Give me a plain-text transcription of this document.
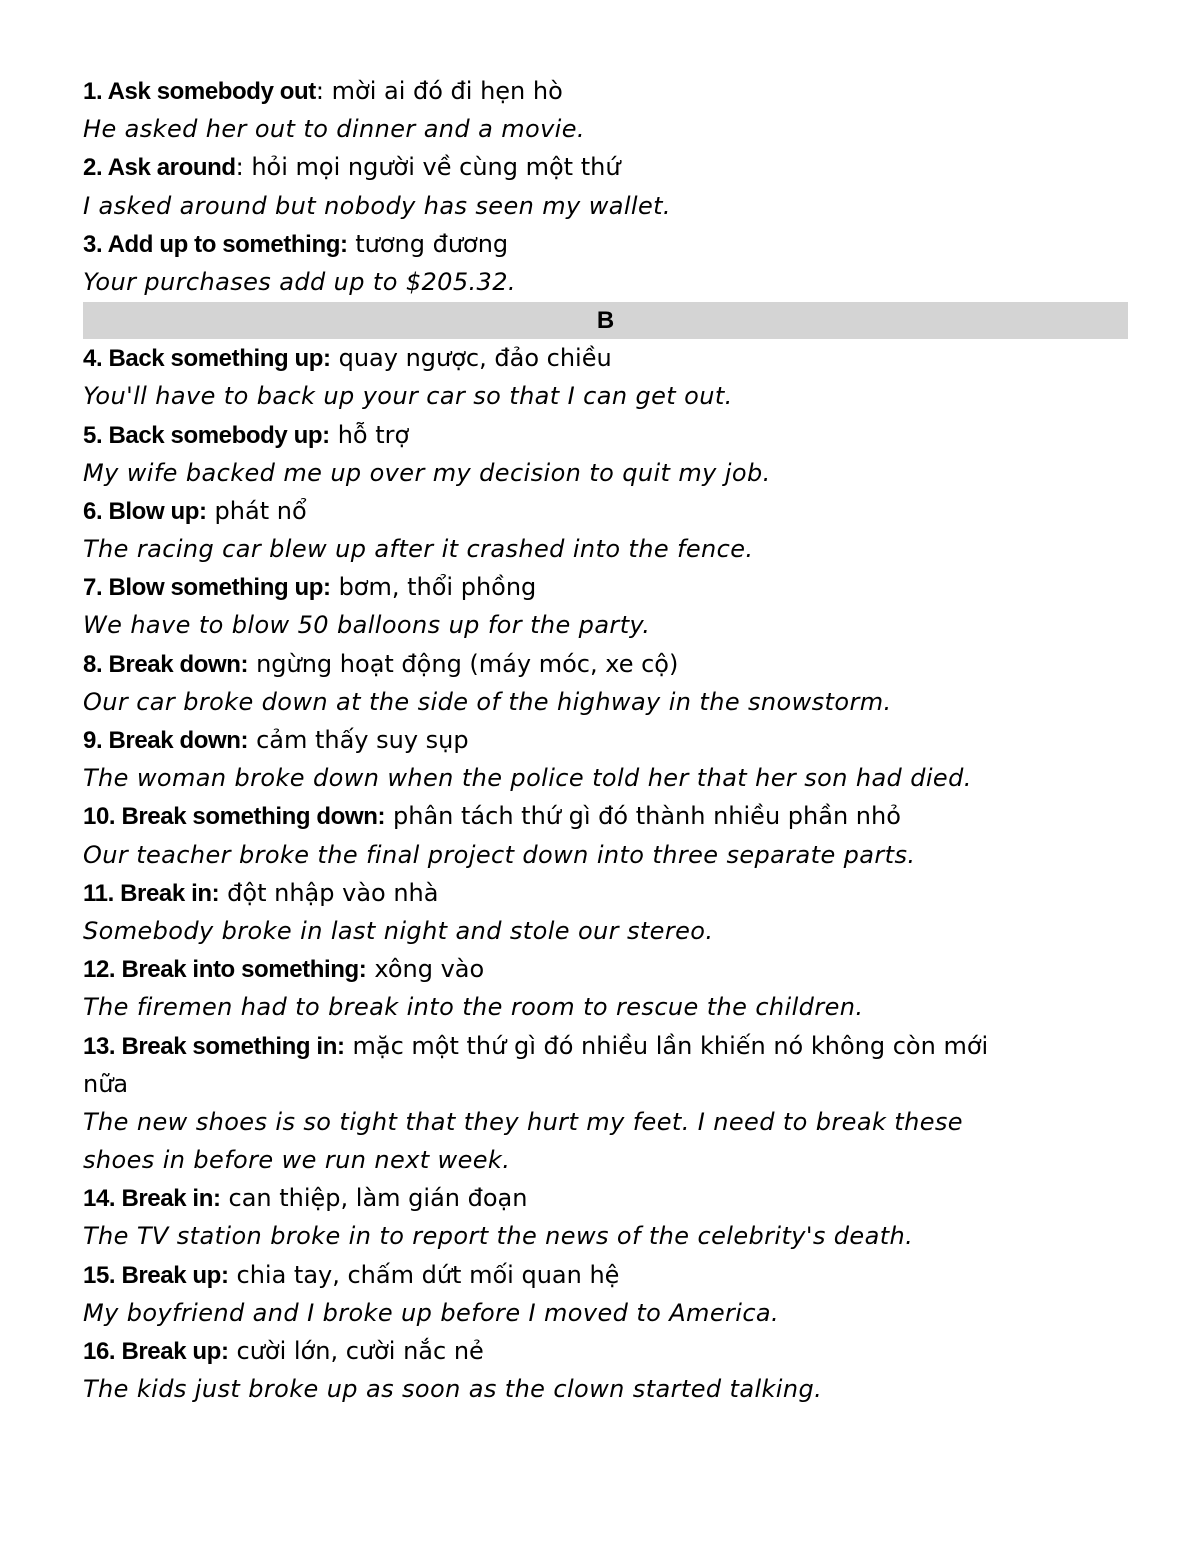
1. Ask somebody out: mời ai đó đi hẹn hò
He asked her out to dinner and a movie.
2. Ask around: hỏi mọi người về cùng một thứ
I asked around but nobody has seen my wallet.
3. Add up to something: tương đương
Your purchases add up to $205.32.
B
4. Back something up: quay ngược, đảo chiều
You'll have to back up your car so that I can get out.
5. Back somebody up: hỗ trợ
My wife backed me up over my decision to quit my job.
6. Blow up: phát nổ
The racing car blew up after it crashed into the fence.
7. Blow something up: bơm, thổi phồng
We have to blow 50 balloons up for the party.
8. Break down: ngừng hoạt động (máy móc, xe cộ)
Our car broke down at the side of the highway in the snowstorm.
9. Break down: cảm thấy suy sụp
The woman broke down when the police told her that her son had died.
10. Break something down: phân tách thứ gì đó thành nhiều phần nhỏ
Our teacher broke the final project down into three separate parts.
11. Break in: đột nhập vào nhà
Somebody broke in last night and stole our stereo.
12. Break into something: xông vào
The firemen had to break into the room to rescue the children.
13. Break something in: mặc một thứ gì đó nhiều lần khiến nó không còn mới
nữa
The new shoes is so tight that they hurt my feet. I need to break these
shoes in before we run next week.
14. Break in: can thiệp, làm gián đoạn
The TV station broke in to report the news of the celebrity's death.
15. Break up: chia tay, chấm dứt mối quan hệ
My boyfriend and I broke up before I moved to America.
16. Break up: cười lớn, cười nắc nẻ
The kids just broke up as soon as the clown started talking.
